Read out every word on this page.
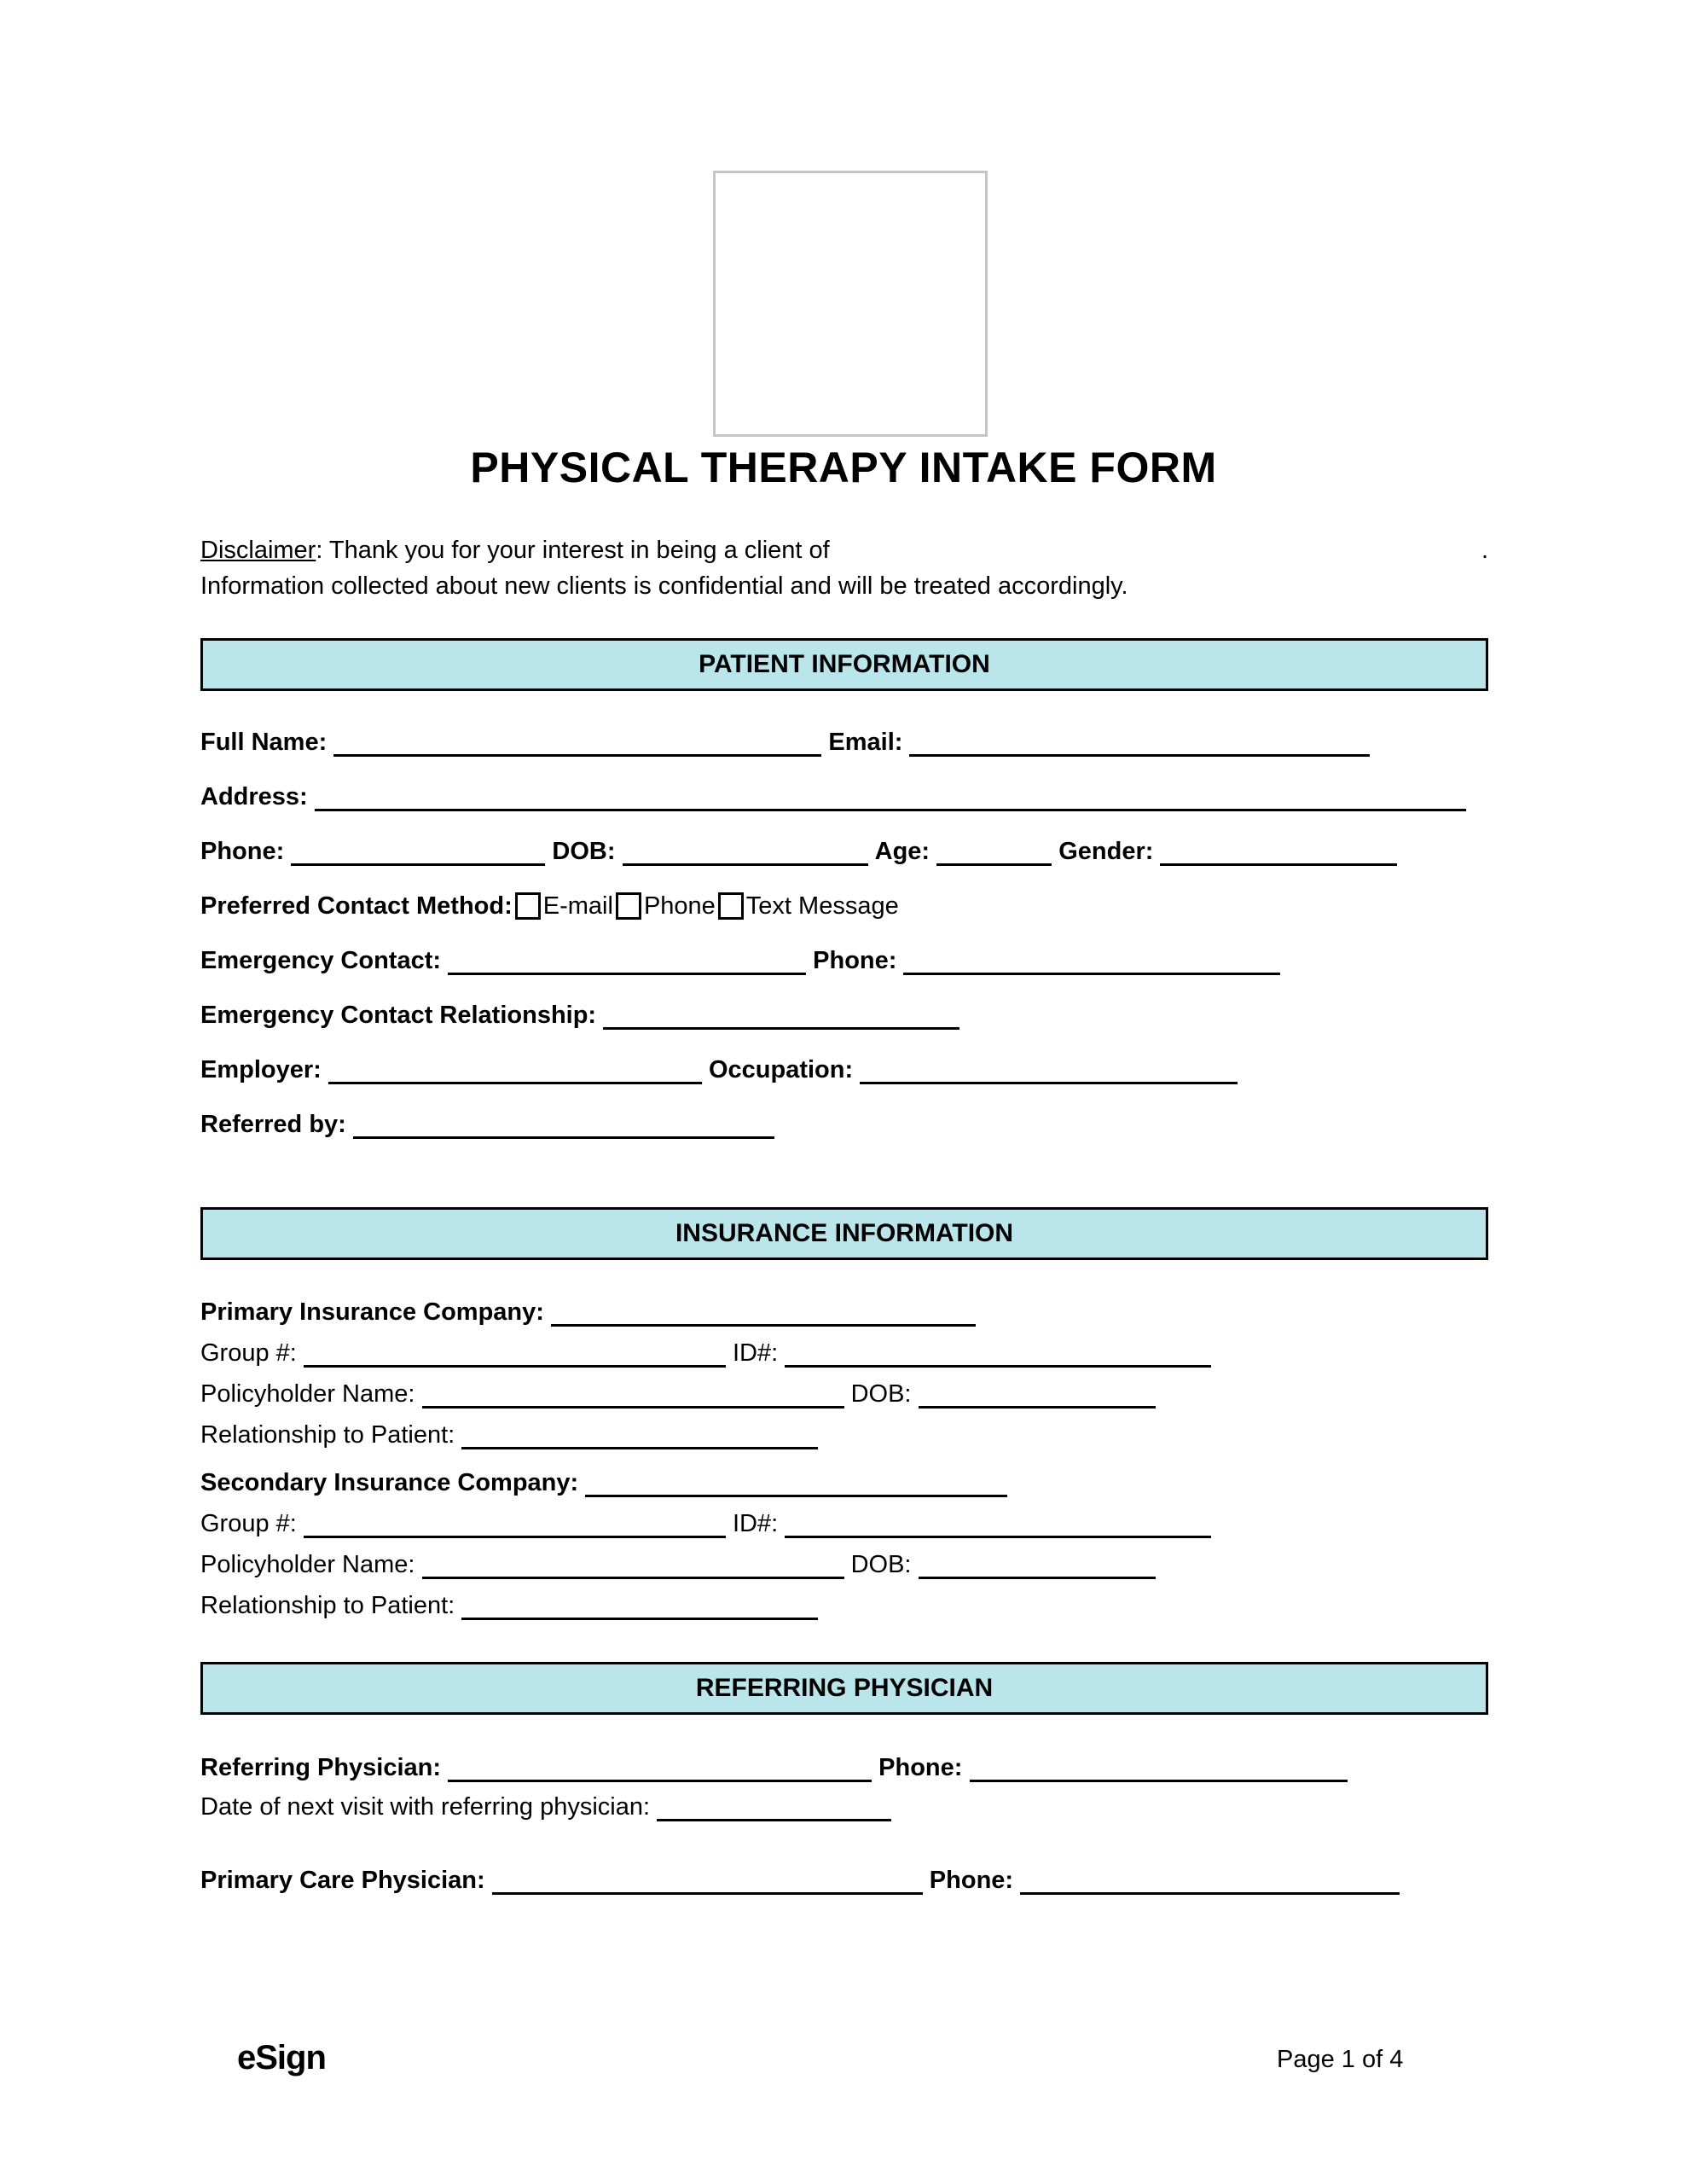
PHYSICAL THERAPY INTAKE FORM
Disclaimer: Thank you for your interest in being a client of	.
Information collected about new clients is confidential and will be treated accordingly.
PATIENT INFORMATION
Full Name:	Email:
Address:
Phone:	DOB:	Age:	Gender:
Preferred Contact Method: E-mail Phone Text Message
Emergency Contact:	Phone:
Emergency Contact Relationship:
Employer:	Occupation:
Referred by:
INSURANCE INFORMATION
Primary Insurance Company:
Group #:	ID#:
Policyholder Name:	DOB:
Relationship to Patient:
Secondary Insurance Company:
Group #:	ID#:
Policyholder Name:	DOB:
Relationship to Patient:
REFERRING PHYSICIAN
Referring Physician:	Phone:
Date of next visit with referring physician:
Primary Care Physician:	Phone:
eSign	Page 1 of 4
